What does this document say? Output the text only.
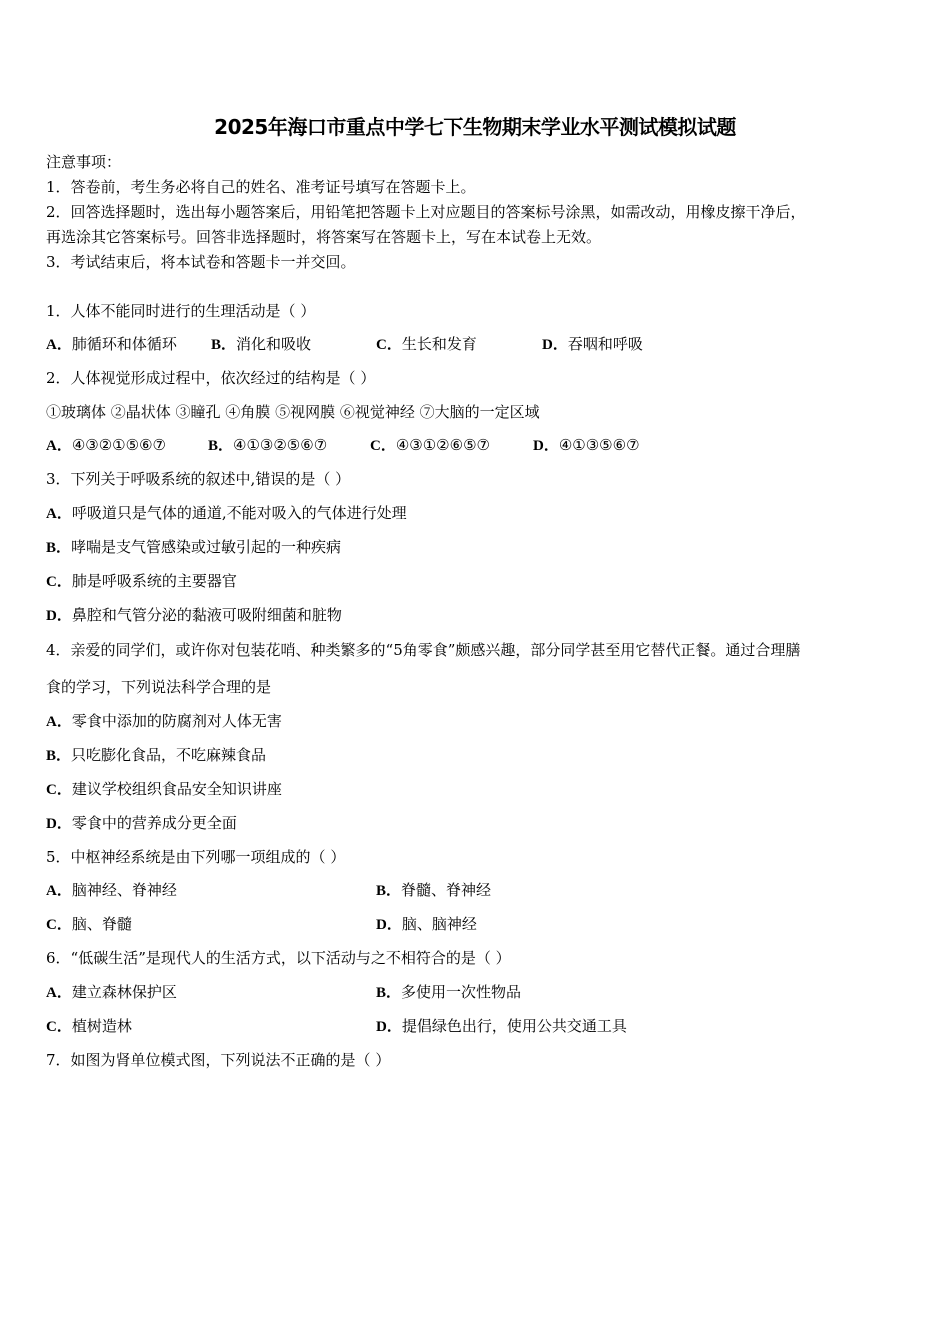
2025年海口市重点中学七下生物期末学业水平测试模拟试题
注意事项：
1．答卷前，考生务必将自己的姓名、准考证号填写在答题卡上。
2．回答选择题时，选出每小题答案后，用铅笔把答题卡上对应题目的答案标号涂黑，如需改动，用橡皮擦干净后，
再选涂其它答案标号。回答非选择题时，将答案写在答题卡上，写在本试卷上无效。
3．考试结束后，将本试卷和答题卡一并交回。
1．人体不能同时进行的生理活动是（ ）
A．肺循环和体循环 B．消化和吸收	C．生长和发育	D．吞咽和呼吸
2．人体视觉形成过程中，依次经过的结构是（ ）
①玻璃体 ②晶状体 ③瞳孔 ④角膜 ⑤视网膜 ⑥视觉神经 ⑦大脑的一定区域
A．④③②①⑤⑥⑦	B．④①③②⑤⑥⑦	C．④③①②⑥⑤⑦	D．④①③⑤⑥⑦
3．下列关于呼吸系统的叙述中,错误的是（ ）
A．呼吸道只是气体的通道,不能对吸入的气体进行处理
B．哮喘是支气管感染或过敏引起的一种疾病
C．肺是呼吸系统的主要器官
D．鼻腔和气管分泌的黏液可吸附细菌和脏物
4．亲爱的同学们，或许你对包装花哨、种类繁多的“5角零食”颇感兴趣，部分同学甚至用它替代正餐。通过合理膳
食的学习，下列说法科学合理的是
A．零食中添加的防腐剂对人体无害
B．只吃膨化食品，不吃麻辣食品
C．建议学校组织食品安全知识讲座
D．零食中的营养成分更全面
5．中枢神经系统是由下列哪一项组成的（ ）
A．脑神经、脊神经	B．脊髓、脊神经
C．脑、脊髓	D．脑、脑神经
6．“低碳生活”是现代人的生活方式，以下活动与之不相符合的是（ ）
A．建立森林保护区	B．多使用一次性物品
C．植树造林	D．提倡绿色出行，使用公共交通工具
7．如图为肾单位模式图，下列说法不正确的是（ ）
